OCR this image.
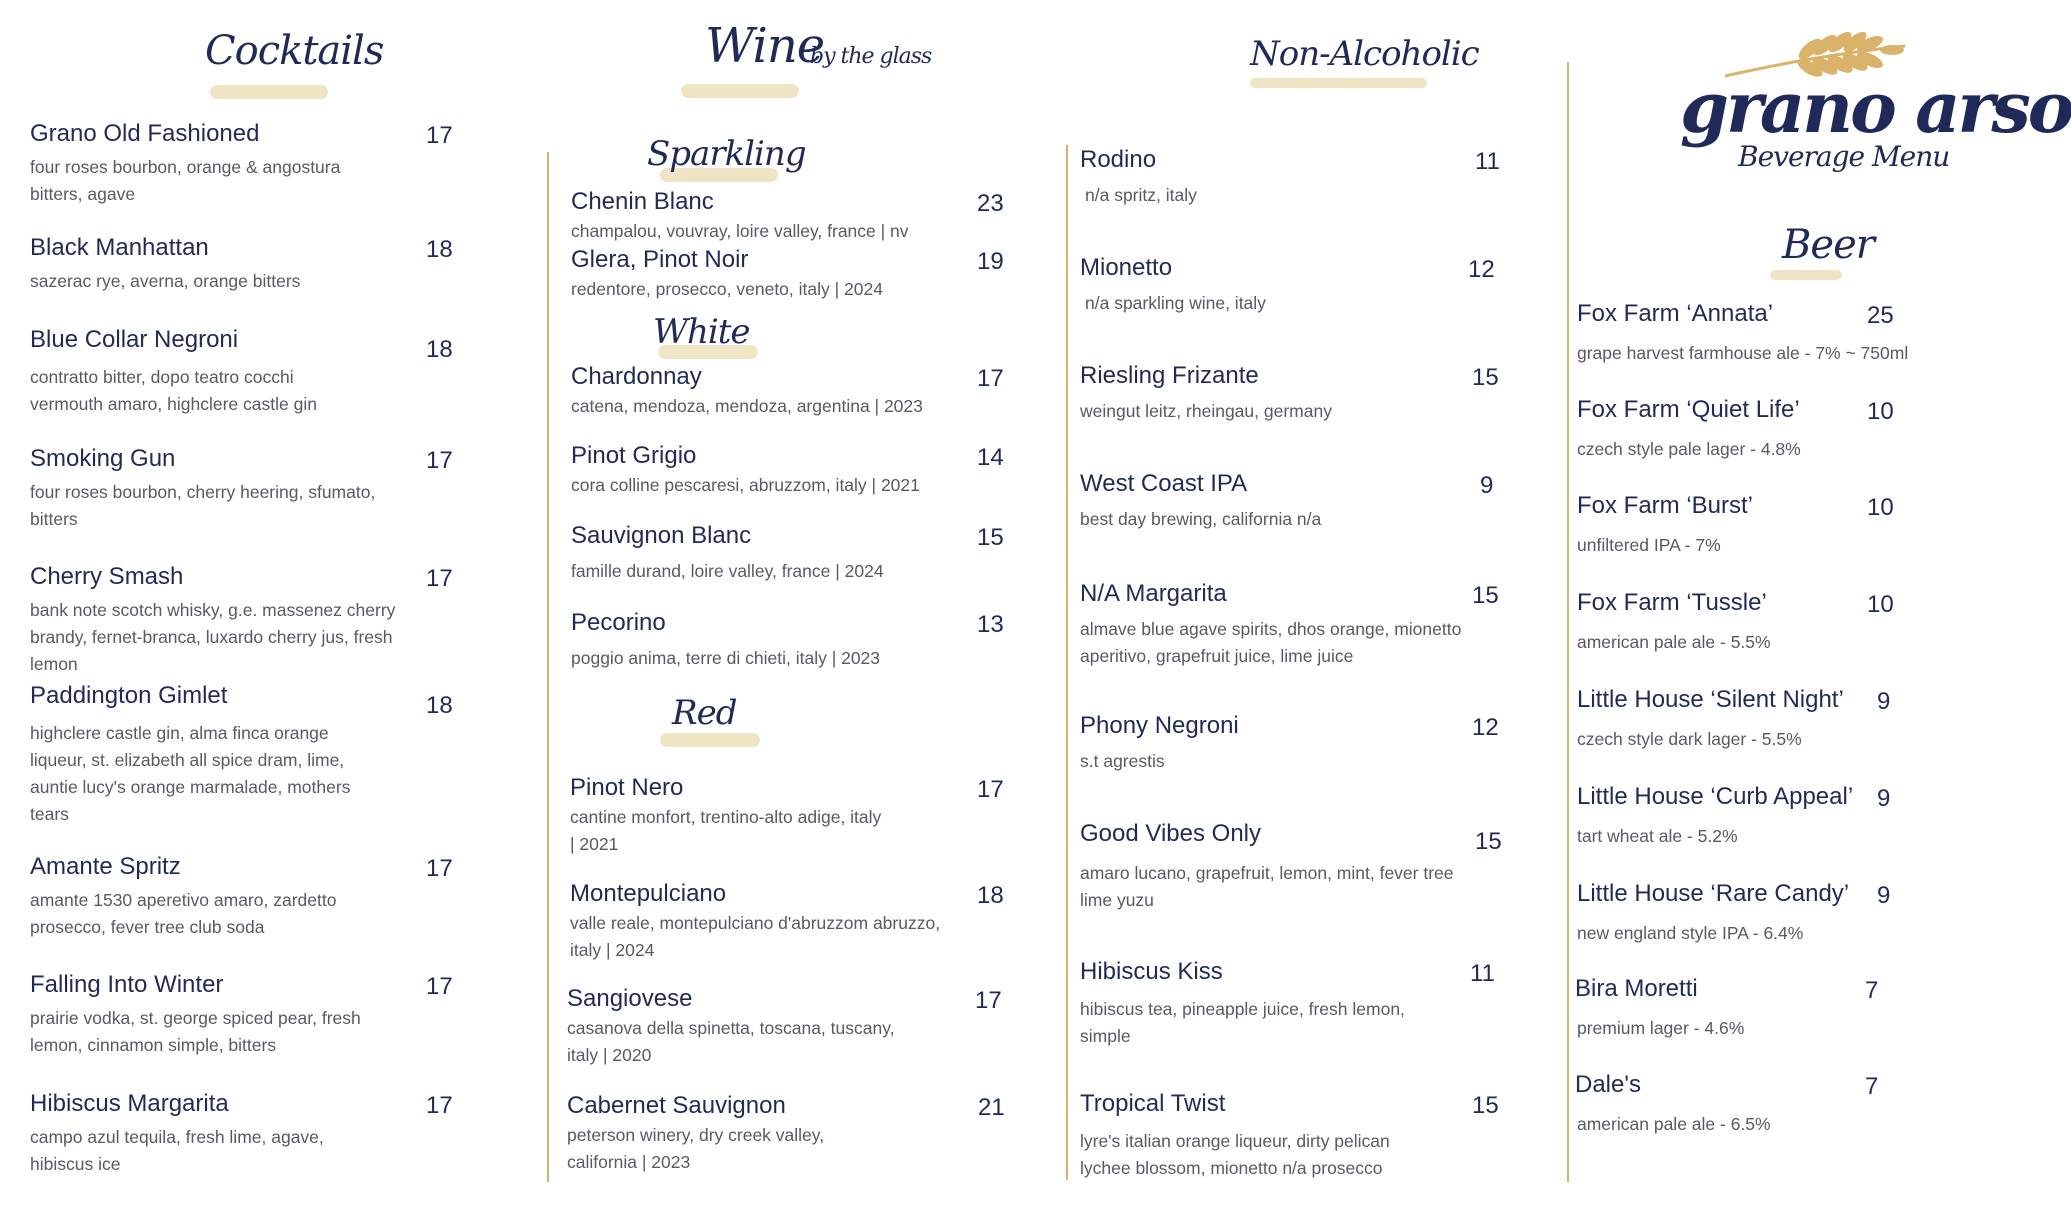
Cocktails
Grano Old Fashioned
four roses bourbon, orange & angostura bitters, agave
17
Black Manhattan
sazerac rye, averna, orange bitters
18
Blue Collar Negroni
contratto bitter, dopo teatro cocchi vermouth amaro, highclere castle gin
18
Smoking Gun
four roses bourbon, cherry heering, sfumato, bitters
17
Cherry Smash
bank note scotch whisky, g.e. massenez cherry brandy, fernet-branca, luxardo cherry jus, fresh lemon
17
Paddington Gimlet
highclere castle gin, alma finca orange liqueur, st. elizabeth all spice dram, lime, auntie lucy's orange marmalade, mothers tears
18
Amante Spritz
amante 1530 aperetivo amaro, zardetto prosecco, fever tree club soda
17
Falling Into Winter
prairie vodka, st. george spiced pear, fresh lemon, cinnamon simple, bitters
17
Hibiscus Margarita
campo azul tequila, fresh lime, agave, hibiscus ice
17
Wine
by the glass
Sparkling
Chenin Blanc
champalou, vouvray, loire valley, france | nv
23
Glera, Pinot Noir
redentore, prosecco, veneto, italy | 2024
19
White
Chardonnay
catena, mendoza, mendoza, argentina | 2023
17
Pinot Grigio
cora colline pescaresi, abruzzom, italy | 2021
14
Sauvignon Blanc
famille durand, loire valley, france | 2024
15
Pecorino
poggio anima, terre di chieti, italy | 2023
13
Red
Pinot Nero
cantine monfort, trentino-alto adige, italy | 2021
17
Montepulciano
valle reale, montepulciano d'abruzzom abruzzo, italy | 2024
18
Sangiovese
casanova della spinetta, toscana, tuscany, italy | 2020
17
Cabernet Sauvignon
peterson winery, dry creek valley, california | 2023
21
Non-Alcoholic
Rodino
n/a spritz, italy
11
Mionetto
n/a sparkling wine, italy
12
Riesling Frizante
weingut leitz, rheingau, germany
15
West Coast IPA
best day brewing, california n/a
9
N/A Margarita
almave blue agave spirits, dhos orange, mionetto aperitivo, grapefruit juice, lime juice
15
Phony Negroni
s.t agrestis
12
Good Vibes Only
amaro lucano, grapefruit, lemon, mint, fever tree lime yuzu
15
Hibiscus Kiss
hibiscus tea, pineapple juice, fresh lemon, simple
11
Tropical Twist
lyre's italian orange liqueur, dirty pelican lychee blossom, mionetto n/a prosecco
15
grano arso
Beverage Menu
Beer
Fox Farm ‘Annata’
grape harvest farmhouse ale - 7% ~ 750ml
25
Fox Farm ‘Quiet Life’
czech style pale lager - 4.8%
10
Fox Farm ‘Burst’
unfiltered IPA - 7%
10
Fox Farm ‘Tussle’
american pale ale - 5.5%
10
Little House ‘Silent Night’
czech style dark lager - 5.5%
9
Little House ‘Curb Appeal’
tart wheat ale - 5.2%
9
Little House ‘Rare Candy’
new england style IPA - 6.4%
9
Bira Moretti
premium lager - 4.6%
7
Dale's
american pale ale - 6.5%
7
